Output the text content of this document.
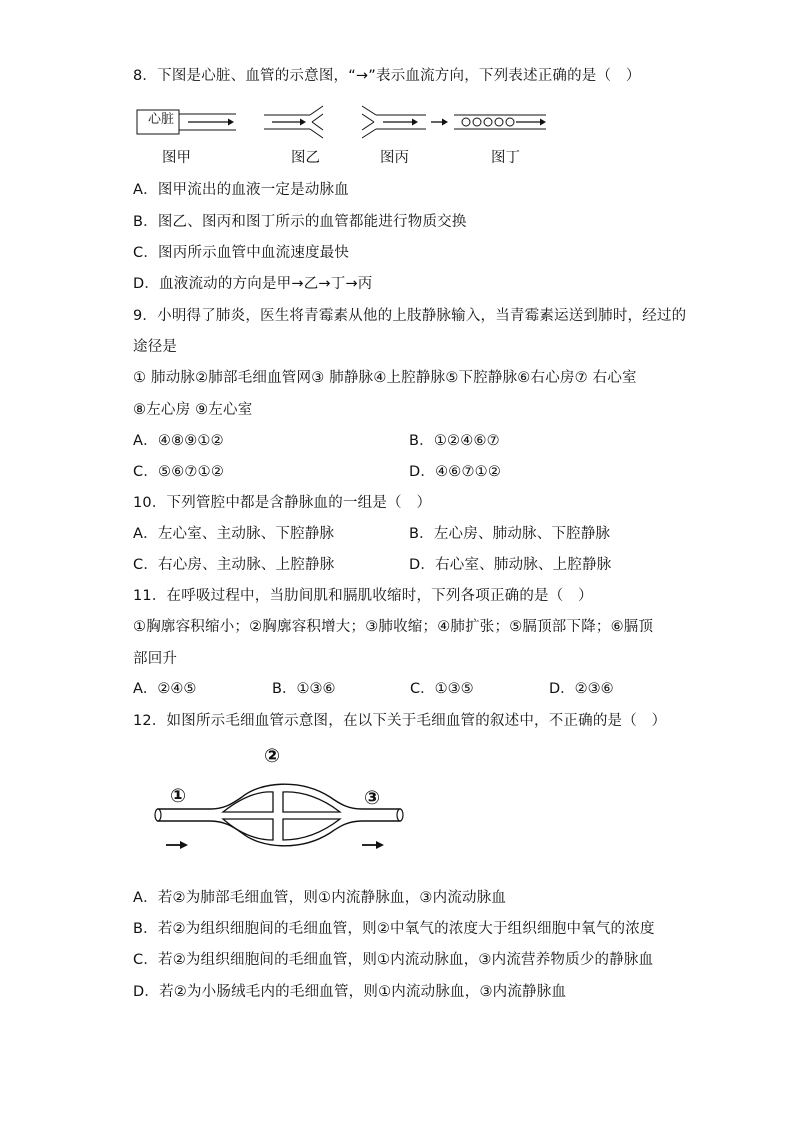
8．下图是心脏、血管的示意图，“→”表示血流方向，下列表述正确的是（　）
心脏
图甲	图乙	图丙	图丁
A．图甲流出的血液一定是动脉血
B．图乙、图丙和图丁所示的血管都能进行物质交换
C．图丙所示血管中血流速度最快
D．血液流动的方向是甲→乙→丁→丙
9．小明得了肺炎，医生将青霉素从他的上肢静脉输入，当青霉素运送到肺时，经过的
途径是
① 肺动脉②肺部毛细血管网③ 肺静脉④上腔静脉⑤下腔静脉⑥右心房⑦ 右心室
⑧左心房 ⑨左心室
A．④⑧⑨①②	B．①②④⑥⑦
C．⑤⑥⑦①②	D．④⑥⑦①②
10．下列管腔中都是含静脉血的一组是（　）
A．左心室、主动脉、下腔静脉	B．左心房、肺动脉、下腔静脉
C．右心房、主动脉、上腔静脉	D．右心室、肺动脉、上腔静脉
11．在呼吸过程中，当肋间肌和膈肌收缩时，下列各项正确的是（　）
①胸廓容积缩小；②胸廓容积增大；③肺收缩；④肺扩张；⑤膈顶部下降；⑥膈顶
部回升
A．②④⑤	B．①③⑥	C．①③⑤	D．②③⑥
12．如图所示毛细血管示意图，在以下关于毛细血管的叙述中，不正确的是（　）
①
②
③
A．若②为肺部毛细血管，则①内流静脉血，③内流动脉血
B．若②为组织细胞间的毛细血管，则②中氧气的浓度大于组织细胞中氧气的浓度
C．若②为组织细胞间的毛细血管，则①内流动脉血，③内流营养物质少的静脉血
D．若②为小肠绒毛内的毛细血管，则①内流动脉血，③内流静脉血
